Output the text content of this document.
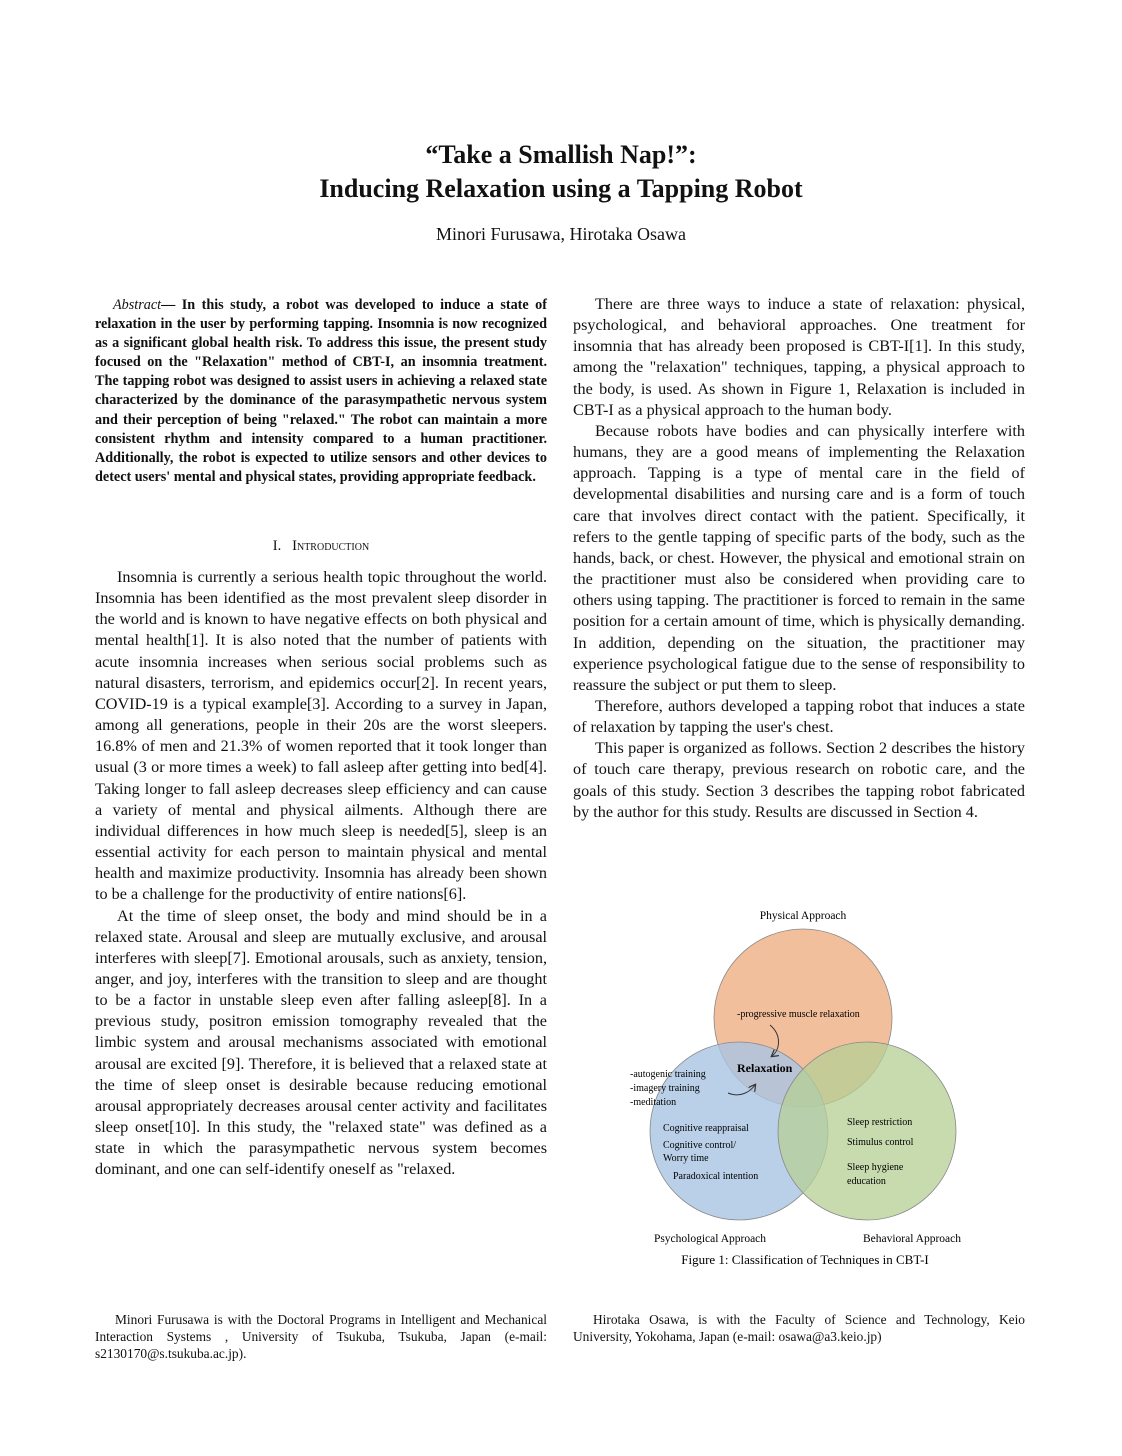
“Take a Smallish Nap!”:
Inducing Relaxation using a Tapping Robot
Minori Furusawa, Hirotaka Osawa
Abstract— In this study, a robot was developed to induce a state of relaxation in the user by performing tapping. Insomnia is now recognized as a significant global health risk. To address this issue, the present study focused on the "Relaxation" method of CBT-I, an insomnia treatment. The tapping robot was designed to assist users in achieving a relaxed state characterized by the dominance of the parasympathetic nervous system and their perception of being "relaxed." The robot can maintain a more consistent rhythm and intensity compared to a human practitioner. Additionally, the robot is expected to utilize sensors and other devices to detect users' mental and physical states, providing appropriate feedback.
I. Introduction

Insomnia is currently a serious health topic throughout the world. Insomnia has been identified as the most prevalent sleep disorder in the world and is known to have negative effects on both physical and mental health[1]. It is also noted that the number of patients with acute insomnia increases when serious social problems such as natural disasters, terrorism, and epidemics occur[2]. In recent years, COVID-19 is a typical example[3]. According to a survey in Japan, among all generations, people in their 20s are the worst sleepers. 16.8% of men and 21.3% of women reported that it took longer than usual (3 or more times a week) to fall asleep after getting into bed[4]. Taking longer to fall asleep decreases sleep efficiency and can cause a variety of mental and physical ailments. Although there are individual differences in how much sleep is needed[5], sleep is an essential activity for each person to maintain physical and mental health and maximize productivity. Insomnia has already been shown to be a challenge for the productivity of entire nations[6].

At the time of sleep onset, the body and mind should be in a relaxed state. Arousal and sleep are mutually exclusive, and arousal interferes with sleep[7]. Emotional arousals, such as anxiety, tension, anger, and joy, interferes with the transition to sleep and are thought to be a factor in unstable sleep even after falling asleep[8]. In a previous study, positron emission tomography revealed that the limbic system and arousal mechanisms associated with emotional arousal are excited [9]. Therefore, it is believed that a relaxed state at the time of sleep onset is desirable because reducing emotional arousal appropriately decreases arousal center activity and facilitates sleep onset[10]. In this study, the "relaxed state" was defined as a state in which the parasympathetic nervous system becomes dominant, and one can self-identify oneself as "relaxed.

There are three ways to induce a state of relaxation: physical, psychological, and behavioral approaches. One treatment for insomnia that has already been proposed is CBT-I[1]. In this study, among the "relaxation" techniques, tapping, a physical approach to the body, is used. As shown in Figure 1, Relaxation is included in CBT-I as a physical approach to the human body.

Because robots have bodies and can physically interfere with humans, they are a good means of implementing the Relaxation approach. Tapping is a type of mental care in the field of developmental disabilities and nursing care and is a form of touch care that involves direct contact with the patient. Specifically, it refers to the gentle tapping of specific parts of the body, such as the hands, back, or chest. However, the physical and emotional strain on the practitioner must also be considered when providing care to others using tapping. The practitioner is forced to remain in the same position for a certain amount of time, which is physically demanding. In addition, depending on the situation, the practitioner may experience psychological fatigue due to the sense of responsibility to reassure the subject or put them to sleep.

Therefore, authors developed a tapping robot that induces a state of relaxation by tapping the user's chest.

This paper is organized as follows. Section 2 describes the history of touch care therapy, previous research on robotic care, and the goals of this study. Section 3 describes the tapping robot fabricated by the author for this study. Results are discussed in Section 4.

Physical Approach
-progressive muscle relaxation
Relaxation
-autogenic training
-imagery training
-meditation
Cognitive reappraisal
Cognitive control/
Worry time
Paradoxical intention
Sleep restriction
Stimulus control
Sleep hygiene
education
Psychological Approach	Behavioral Approach
Figure 1: Classification of Techniques in CBT-I

Minori Furusawa is with the Doctoral Programs in Intelligent and Mechanical Interaction Systems , University of Tsukuba, Tsukuba, Japan (e-mail: s2130170@s.tsukuba.ac.jp).

Hirotaka Osawa, is with the Faculty of Science and Technology, Keio University, Yokohama, Japan (e-mail: osawa@a3.keio.jp)
